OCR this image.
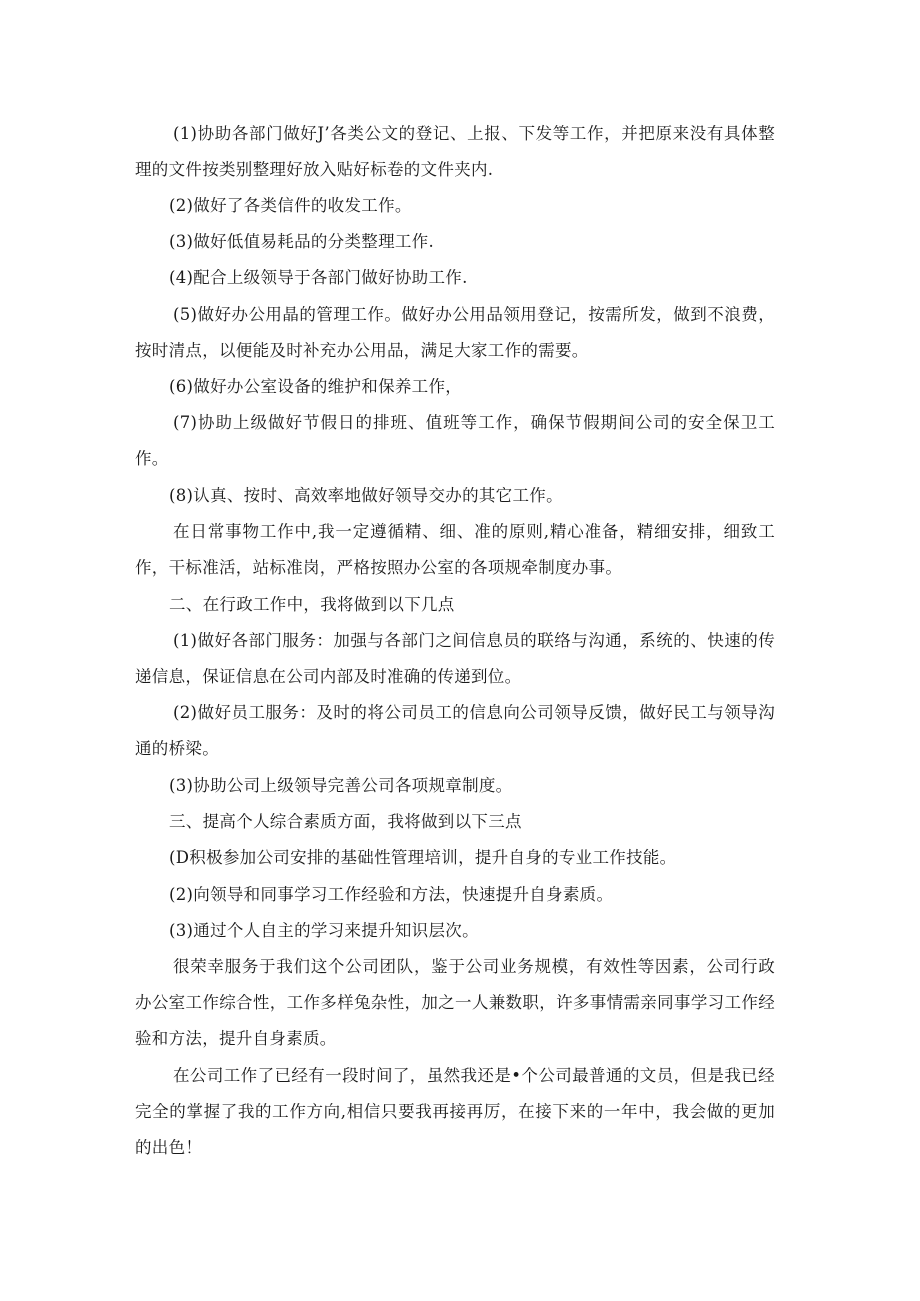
(1)协助各部门做好J’各类公文的登记、上报、下发等工作，并把原来没有具体整理的文件按类别整理好放入贴好标卷的文件夹内.

(2)做好了各类信件的收发工作。

(3)做好低值易耗品的分类整理工作.

(4)配合上级领导于各部门做好协助工作.

(5)做好办公用晶的管理工作。做好办公用品领用登记，按需所发，做到不浪费，按时清点，以便能及时补充办公用品，满足大家工作的需要。

(6)做好办公室设备的维护和保养工作，

(7)协助上级做好节假日的排班、值班等工作，确保节假期间公司的安全保卫工作。

(8)认真、按时、高效率地做好领导交办的其它工作。

在日常事物工作中,我一定遵循精、细、准的原则,精心准备，精细安排，细致工作，干标准活，站标准岗，严格按照办公室的各项规牵制度办事。

二、在行政工作中，我将做到以下几点

(1)做好各部门服务：加强与各部门之间信息员的联络与沟通，系统的、快速的传递信息，保证信息在公司内部及时准确的传递到位。

(2)做好员工服务：及时的将公司员工的信息向公司领导反馈，做好民工与领导沟通的桥梁。

(3)协助公司上级领导完善公司各项规章制度。

三、提高个人综合素质方面，我将做到以下三点

(D积极参加公司安排的基础性管理培训，提升自身的专业工作技能。

(2)向领导和同事学习工作经验和方法，快速提升自身素质。

(3)通过个人自主的学习来提升知识层次。

很荣幸服务于我们这个公司团队，鉴于公司业务规模，有效性等因素，公司行政办公室工作综合性，工作多样兔杂性，加之一人兼数职，许多事情需亲同事学习工作经验和方法，提升自身素质。

在公司工作了已经有一段时间了，虽然我还是•个公司最普通的文员，但是我已经完全的掌握了我的工作方向,相信只要我再接再厉，在接下来的一年中，我会做的更加的出色！
